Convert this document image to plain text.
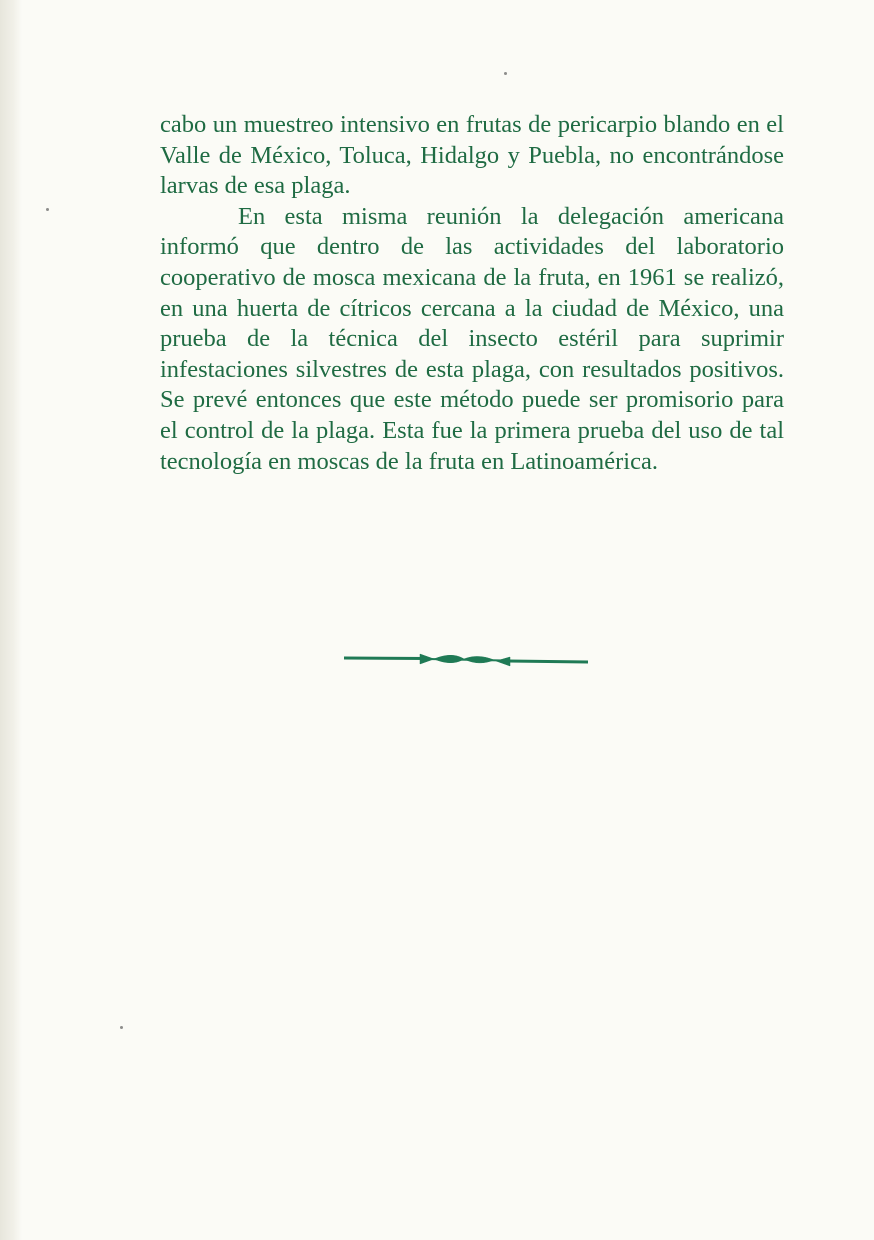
cabo un muestreo intensivo en frutas de pericarpio blando en el Valle de México, Toluca, Hidalgo y Puebla, no encontrándose larvas de esa plaga.

En esta misma reunión la delegación americana informó que dentro de las actividades del laboratorio cooperativo de mosca mexicana de la fruta, en 1961 se realizó, en una huerta de cítricos cercana a la ciudad de México, una prueba de la técnica del insecto estéril para suprimir infestaciones silvestres de esta plaga, con resultados positivos. Se prevé entonces que este método puede ser promisorio para el control de la plaga. Esta fue la primera prueba del uso de tal tecnología en moscas de la fruta en Latinoamérica.
